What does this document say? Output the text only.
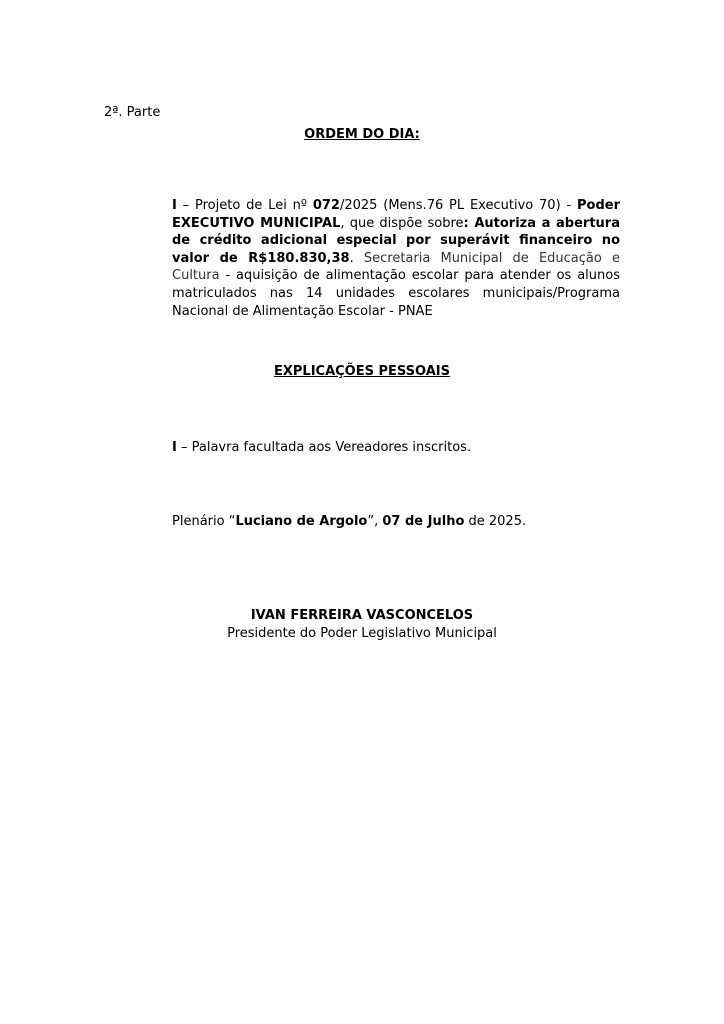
2ª. Parte
ORDEM DO DIA:
I – Projeto de Lei nº 072/2025 (Mens.76 PL Executivo 70) - Poder EXECUTIVO MUNICIPAL, que dispõe sobre: Autoriza a abertura de crédito adicional especial por superávit financeiro no valor de R$180.830,38. Secretaria Municipal de Educação e Cultura - aquisição de alimentação escolar para atender os alunos matriculados nas 14 unidades escolares municipais/Programa Nacional de Alimentação Escolar - PNAE
EXPLICAÇÕES PESSOAIS
I – Palavra facultada aos Vereadores inscritos.
Plenário “Luciano de Argolo”, 07 de Julho de 2025.
IVAN FERREIRA VASCONCELOS
Presidente do Poder Legislativo Municipal
